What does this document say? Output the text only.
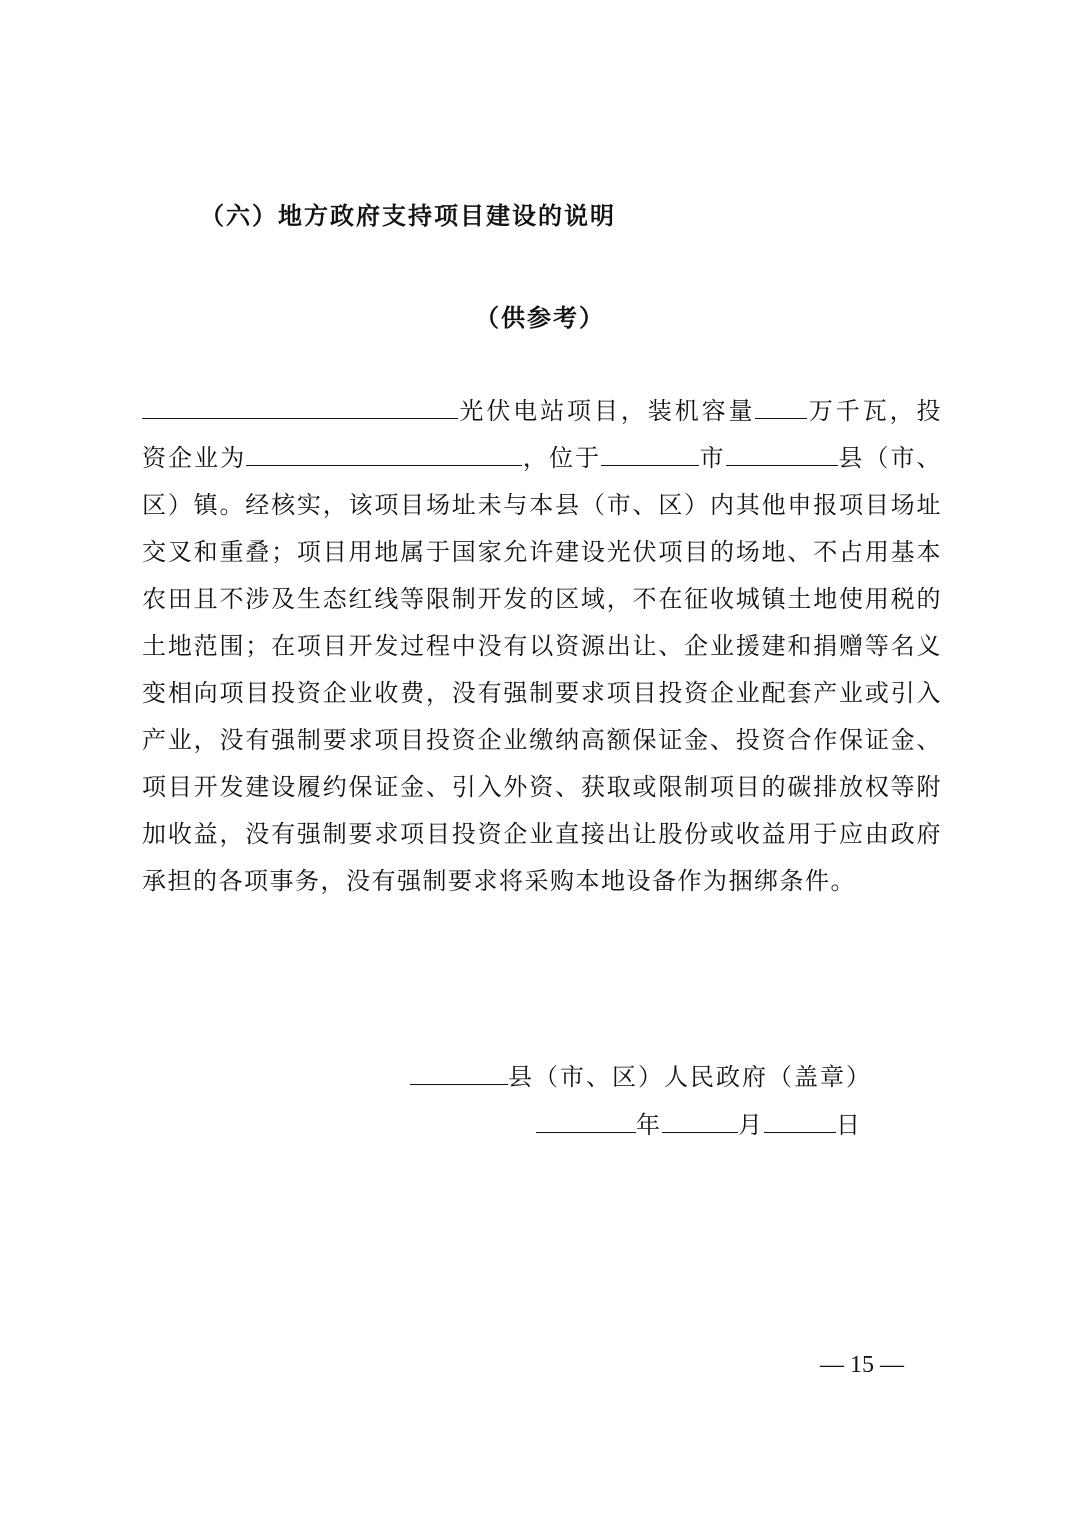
（六）地方政府支持项目建设的说明
（供参考）
光伏电站项目，装机容量 万千瓦，投资企业为	，位于	市	县（市、区）镇。经核实，该项目场址未与本县（市、区）内其他申报项目场址交叉和重叠；项目用地属于国家允许建设光伏项目的场地、不占用基本农田且不涉及生态红线等限制开发的区域，不在征收城镇土地使用税的土地范围；在项目开发过程中没有以资源出让、企业援建和捐赠等名义变相向项目投资企业收费，没有强制要求项目投资企业配套产业或引入产业，没有强制要求项目投资企业缴纳高额保证金、投资合作保证金、项目开发建设履约保证金、引入外资、获取或限制项目的碳排放权等附加收益，没有强制要求项目投资企业直接出让股份或收益用于应由政府承担的各项事务，没有强制要求将采购本地设备作为捆绑条件。
县（市、区）人民政府（盖章）
年	月	日
— 15 —
